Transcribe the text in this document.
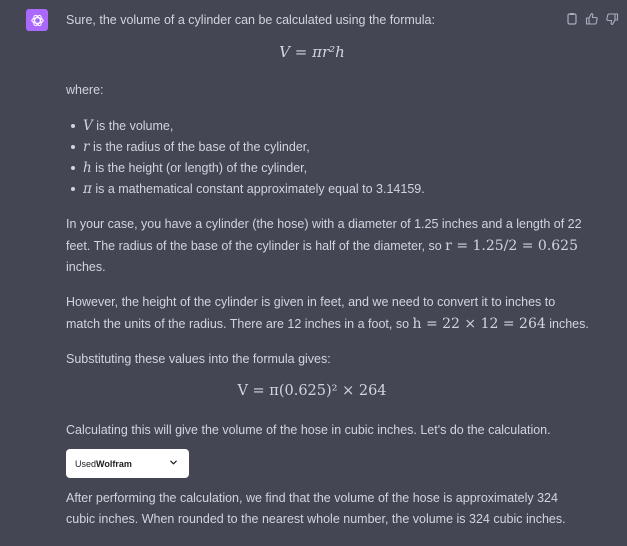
Sure, the volume of a cylinder can be calculated using the formula:
V = πr²h
where:
V is the volume,
r is the radius of the base of the cylinder,
h is the height (or length) of the cylinder,
π is a mathematical constant approximately equal to 3.14159.
In your case, you have a cylinder (the hose) with a diameter of 1.25 inches and a length of 22
feet. The radius of the base of the cylinder is half of the diameter, so r = 1.25/2 = 0.625
inches.
However, the height of the cylinder is given in feet, and we need to convert it to inches to
match the units of the radius. There are 12 inches in a foot, so h = 22 × 12 = 264 inches.
Substituting these values into the formula gives:
V = π(0.625)² × 264
Calculating this will give the volume of the hose in cubic inches. Let's do the calculation.
Used Wolfram
After performing the calculation, we find that the volume of the hose is approximately 324
cubic inches. When rounded to the nearest whole number, the volume is 324 cubic inches.
